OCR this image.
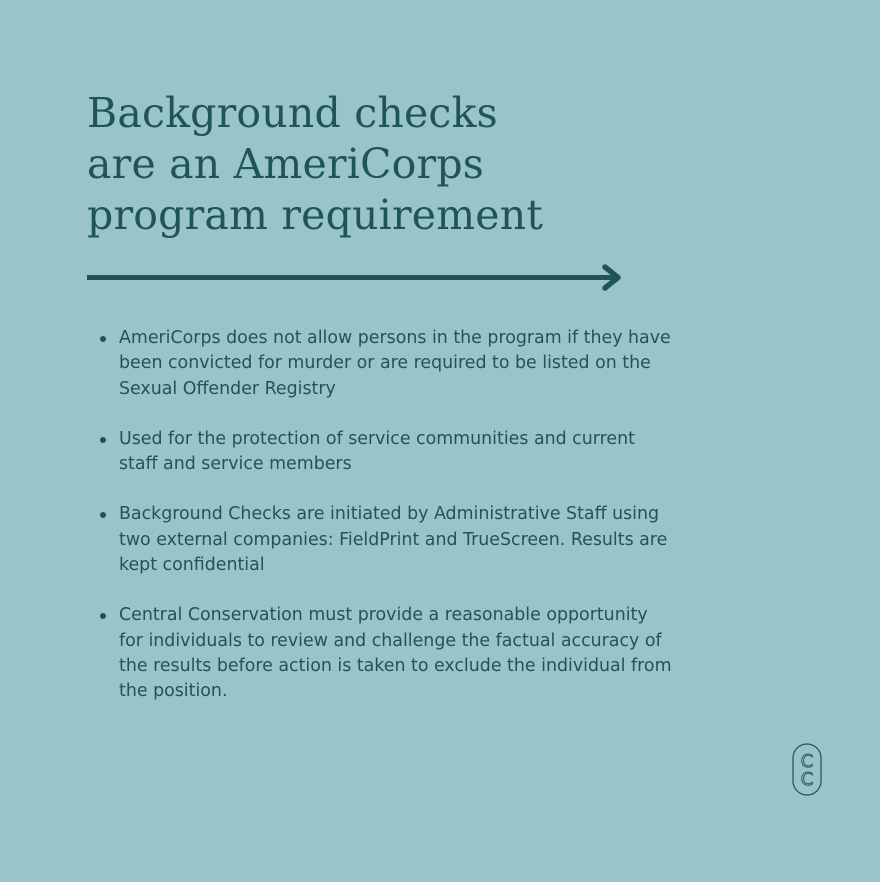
Background checks
are an AmeriCorps
program requirement
AmeriCorps does not allow persons in the program if they have
been convicted for murder or are required to be listed on the
Sexual Offender Registry
Used for the protection of service communities and current
staff and service members
Background Checks are initiated by Administrative Staff using
two external companies: FieldPrint and TrueScreen. Results are
kept confidential
Central Conservation must provide a reasonable opportunity
for individuals to review and challenge the factual accuracy of
the results before action is taken to exclude the individual from
the position.
C
C
